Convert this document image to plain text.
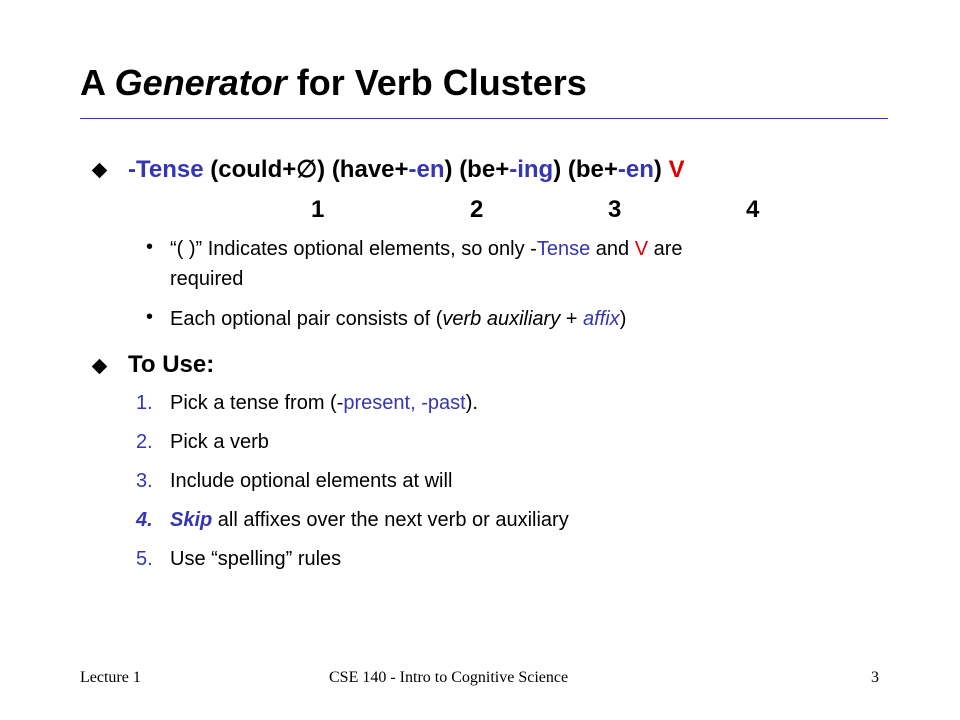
A Generator for Verb Clusters
-Tense (could+∅) (have+-en) (be+-ing) (be+-en) V
1	2	3	4
• “( )” Indicates optional elements, so only -Tense and V are
required
• Each optional pair consists of (verb auxiliary + affix)
To Use:
1. Pick a tense from (-present, -past).
2. Pick a verb
3. Include optional elements at will
4. Skip all affixes over the next verb or auxiliary
5. Use “spelling” rules
Lecture 1	CSE 140 - Intro to Cognitive Science	3
